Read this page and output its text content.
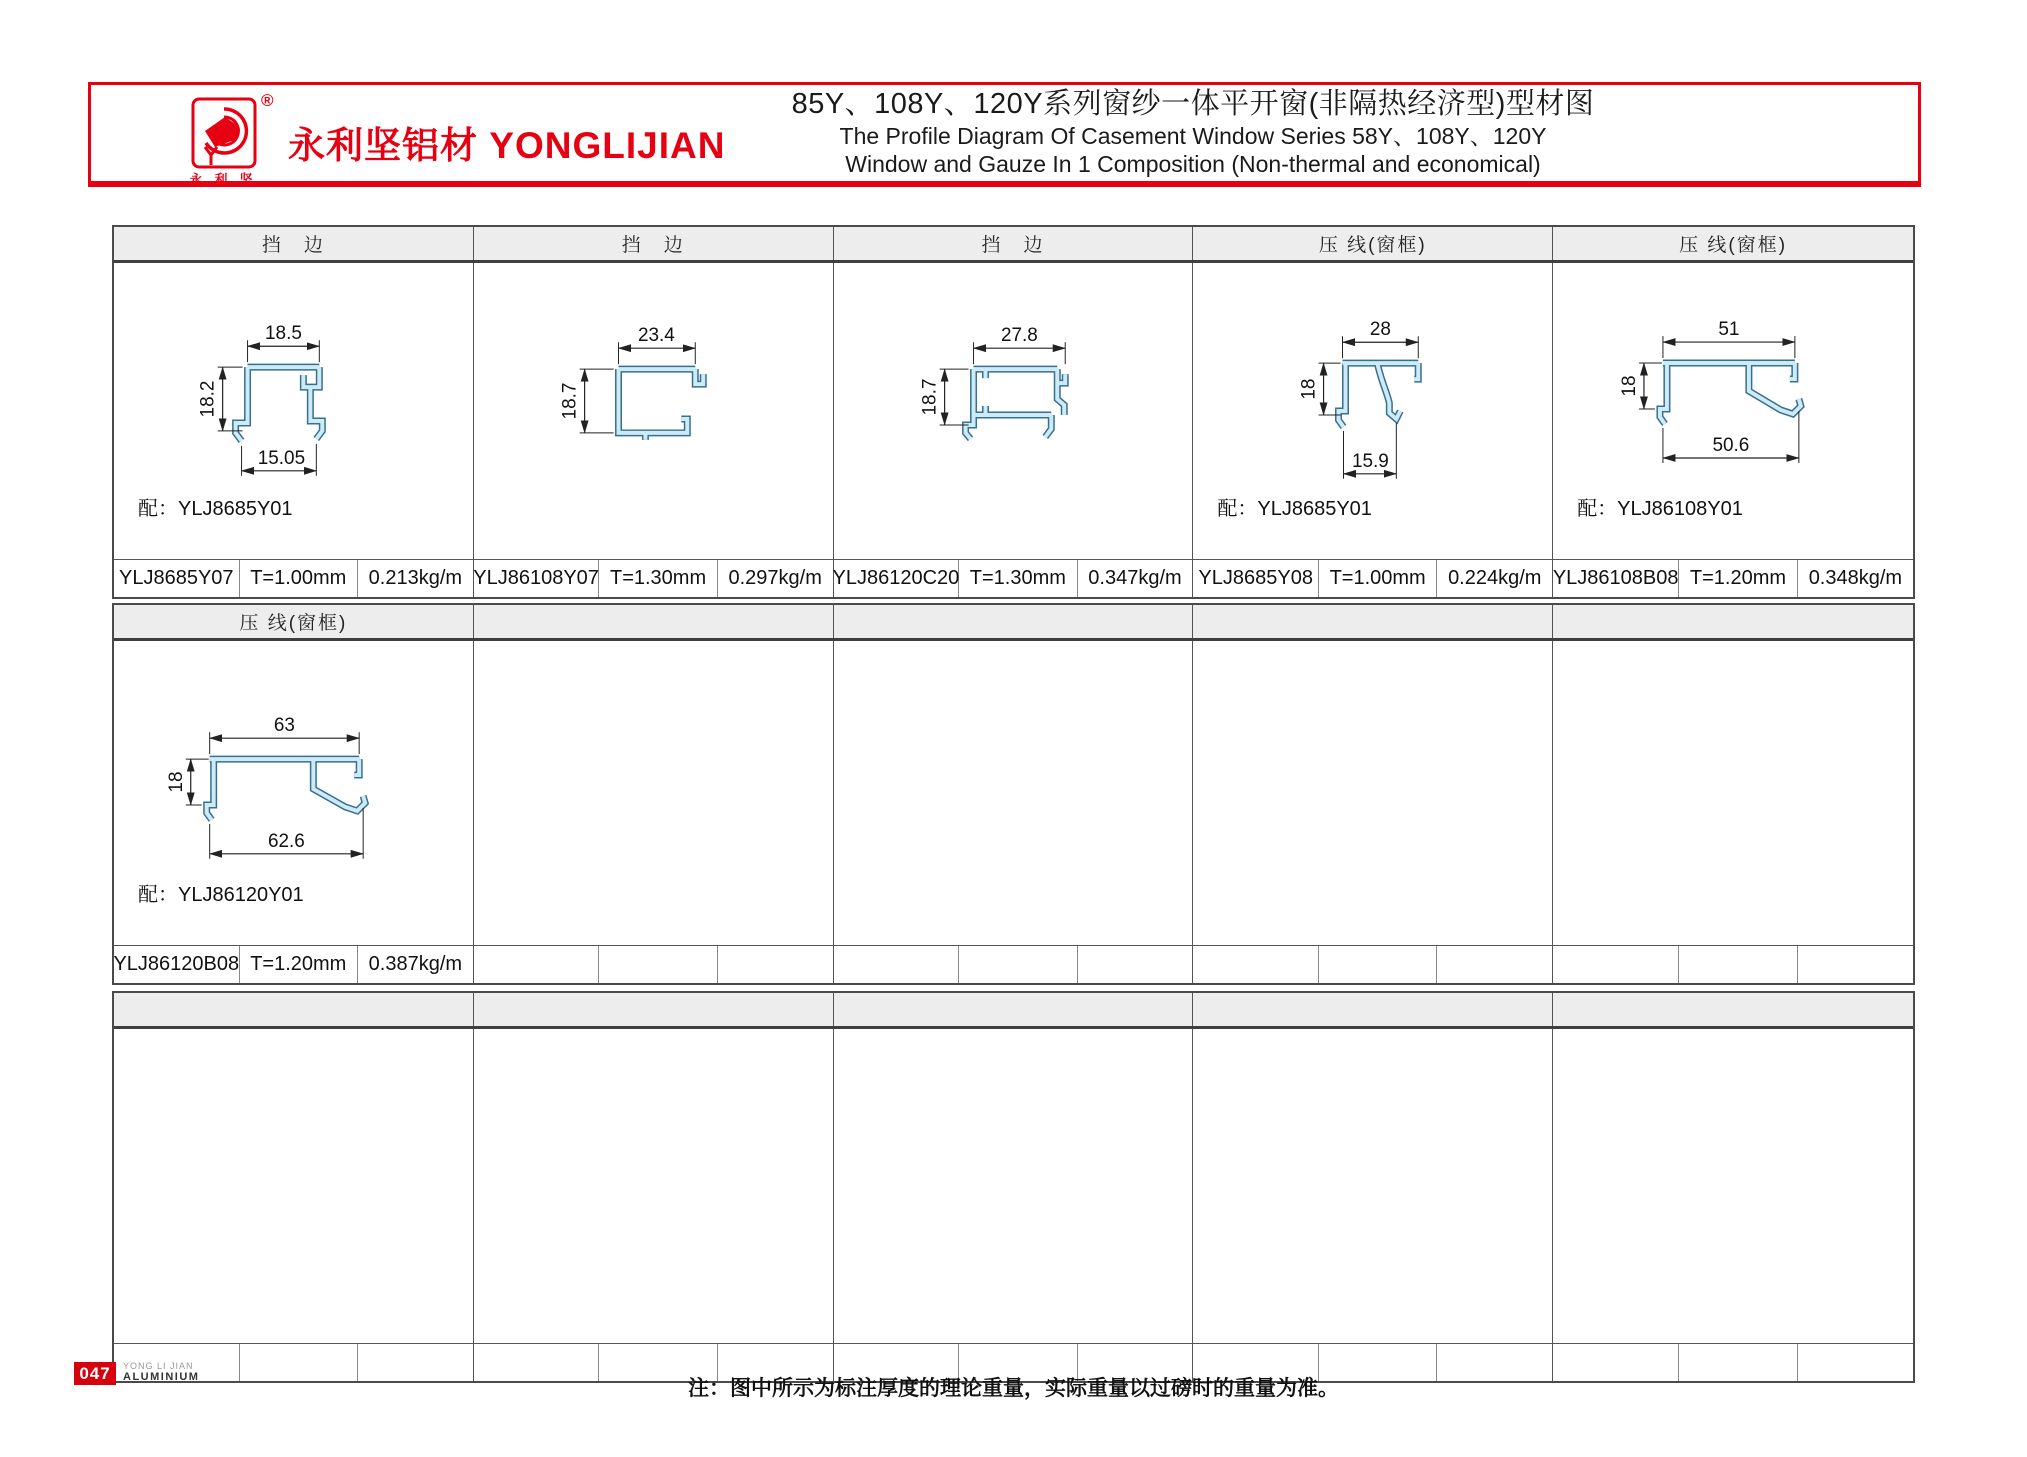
®
永利坚
永利坚铝材 YONGLIJIAN
85Y、108Y、120Y系列窗纱一体平开窗(非隔热经济型)型材图
The Profile Diagram Of Casement Window Series 58Y、108Y、120Y
Window and Gauze In 1 Composition (Non-thermal and economical)
挡　边	挡　边	挡　边	压 线(窗框)	压 线(窗框)
18.5
18.2
15.05
配：YLJ8685Y01
23.4
18.7
27.8
18.7
28
18
15.9
配：YLJ8685Y01
51
18
50.6
配：YLJ86108Y01
YLJ8685Y07 T=1.00mm	0.213kg/m YLJ86108Y07 T=1.30mm	0.297kg/m YLJ86120C20 T=1.30mm	0.347kg/m YLJ8685Y08 T=1.00mm	0.224kg/m YLJ86108B08 T=1.20mm	0.348kg/m
压 线(窗框)
63
18
62.6
配：YLJ86120Y01
YLJ86120B08 T=1.20mm	0.387kg/m
047	YONG LI JIAN
ALUMINIUM	注：图中所示为标注厚度的理论重量，实际重量以过磅时的重量为准。
